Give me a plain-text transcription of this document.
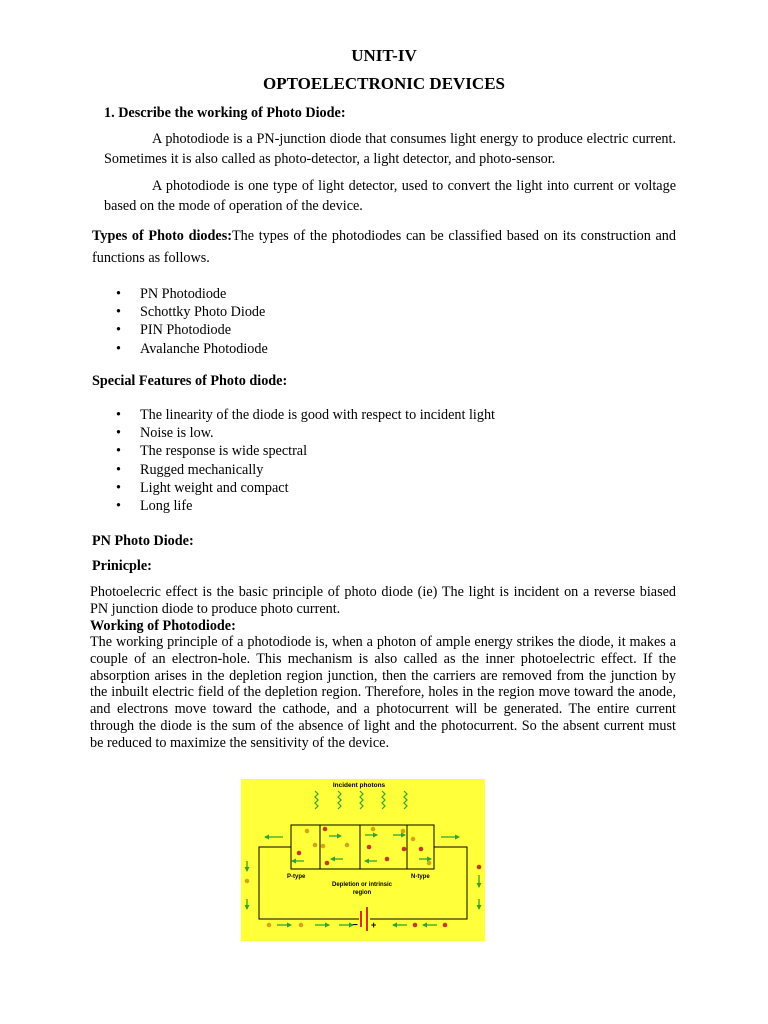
UNIT-IV
OPTOELECTRONIC DEVICES
1. Describe the working of Photo Diode:

A photodiode is a PN-junction diode that consumes light energy to produce electric current. Sometimes it is also called as photo-detector, a light detector, and photo-sensor.

A photodiode is one type of light detector, used to convert the light into current or voltage based on the mode of operation of the device.

Types of Photo diodes:The types of the photodiodes can be classified based on its construction and functions as follows.

• PN Photodiode
• Schottky Photo Diode
• PIN Photodiode
• Avalanche Photodiode
Special Features of Photo diode:
• The linearity of the diode is good with respect to incident light
• Noise is low.
• The response is wide spectral
• Rugged mechanically
• Light weight and compact
• Long life
PN Photo Diode:
Prinicple:

Photoelecric effect is the basic principle of photo diode (ie) The light is incident on a reverse biased PN junction diode to produce photo current.

Working of Photodiode:

The working principle of a photodiode is, when a photon of ample energy strikes the diode, it makes a couple of an electron-hole. This mechanism is also called as the inner photoelectric effect. If the absorption arises in the depletion region junction, then the carriers are removed from the junction by the inbuilt electric field of the depletion region. Therefore, holes in the region move toward the anode, and electrons move toward the cathode, and a photocurrent will be generated. The entire current through the diode is the sum of the absence of light and the photocurrent. So the absent current must be reduced to maximize the sensitivity of the device.

Incident photons
− +
P-type	N-type
Depletion or intrinsic
region
